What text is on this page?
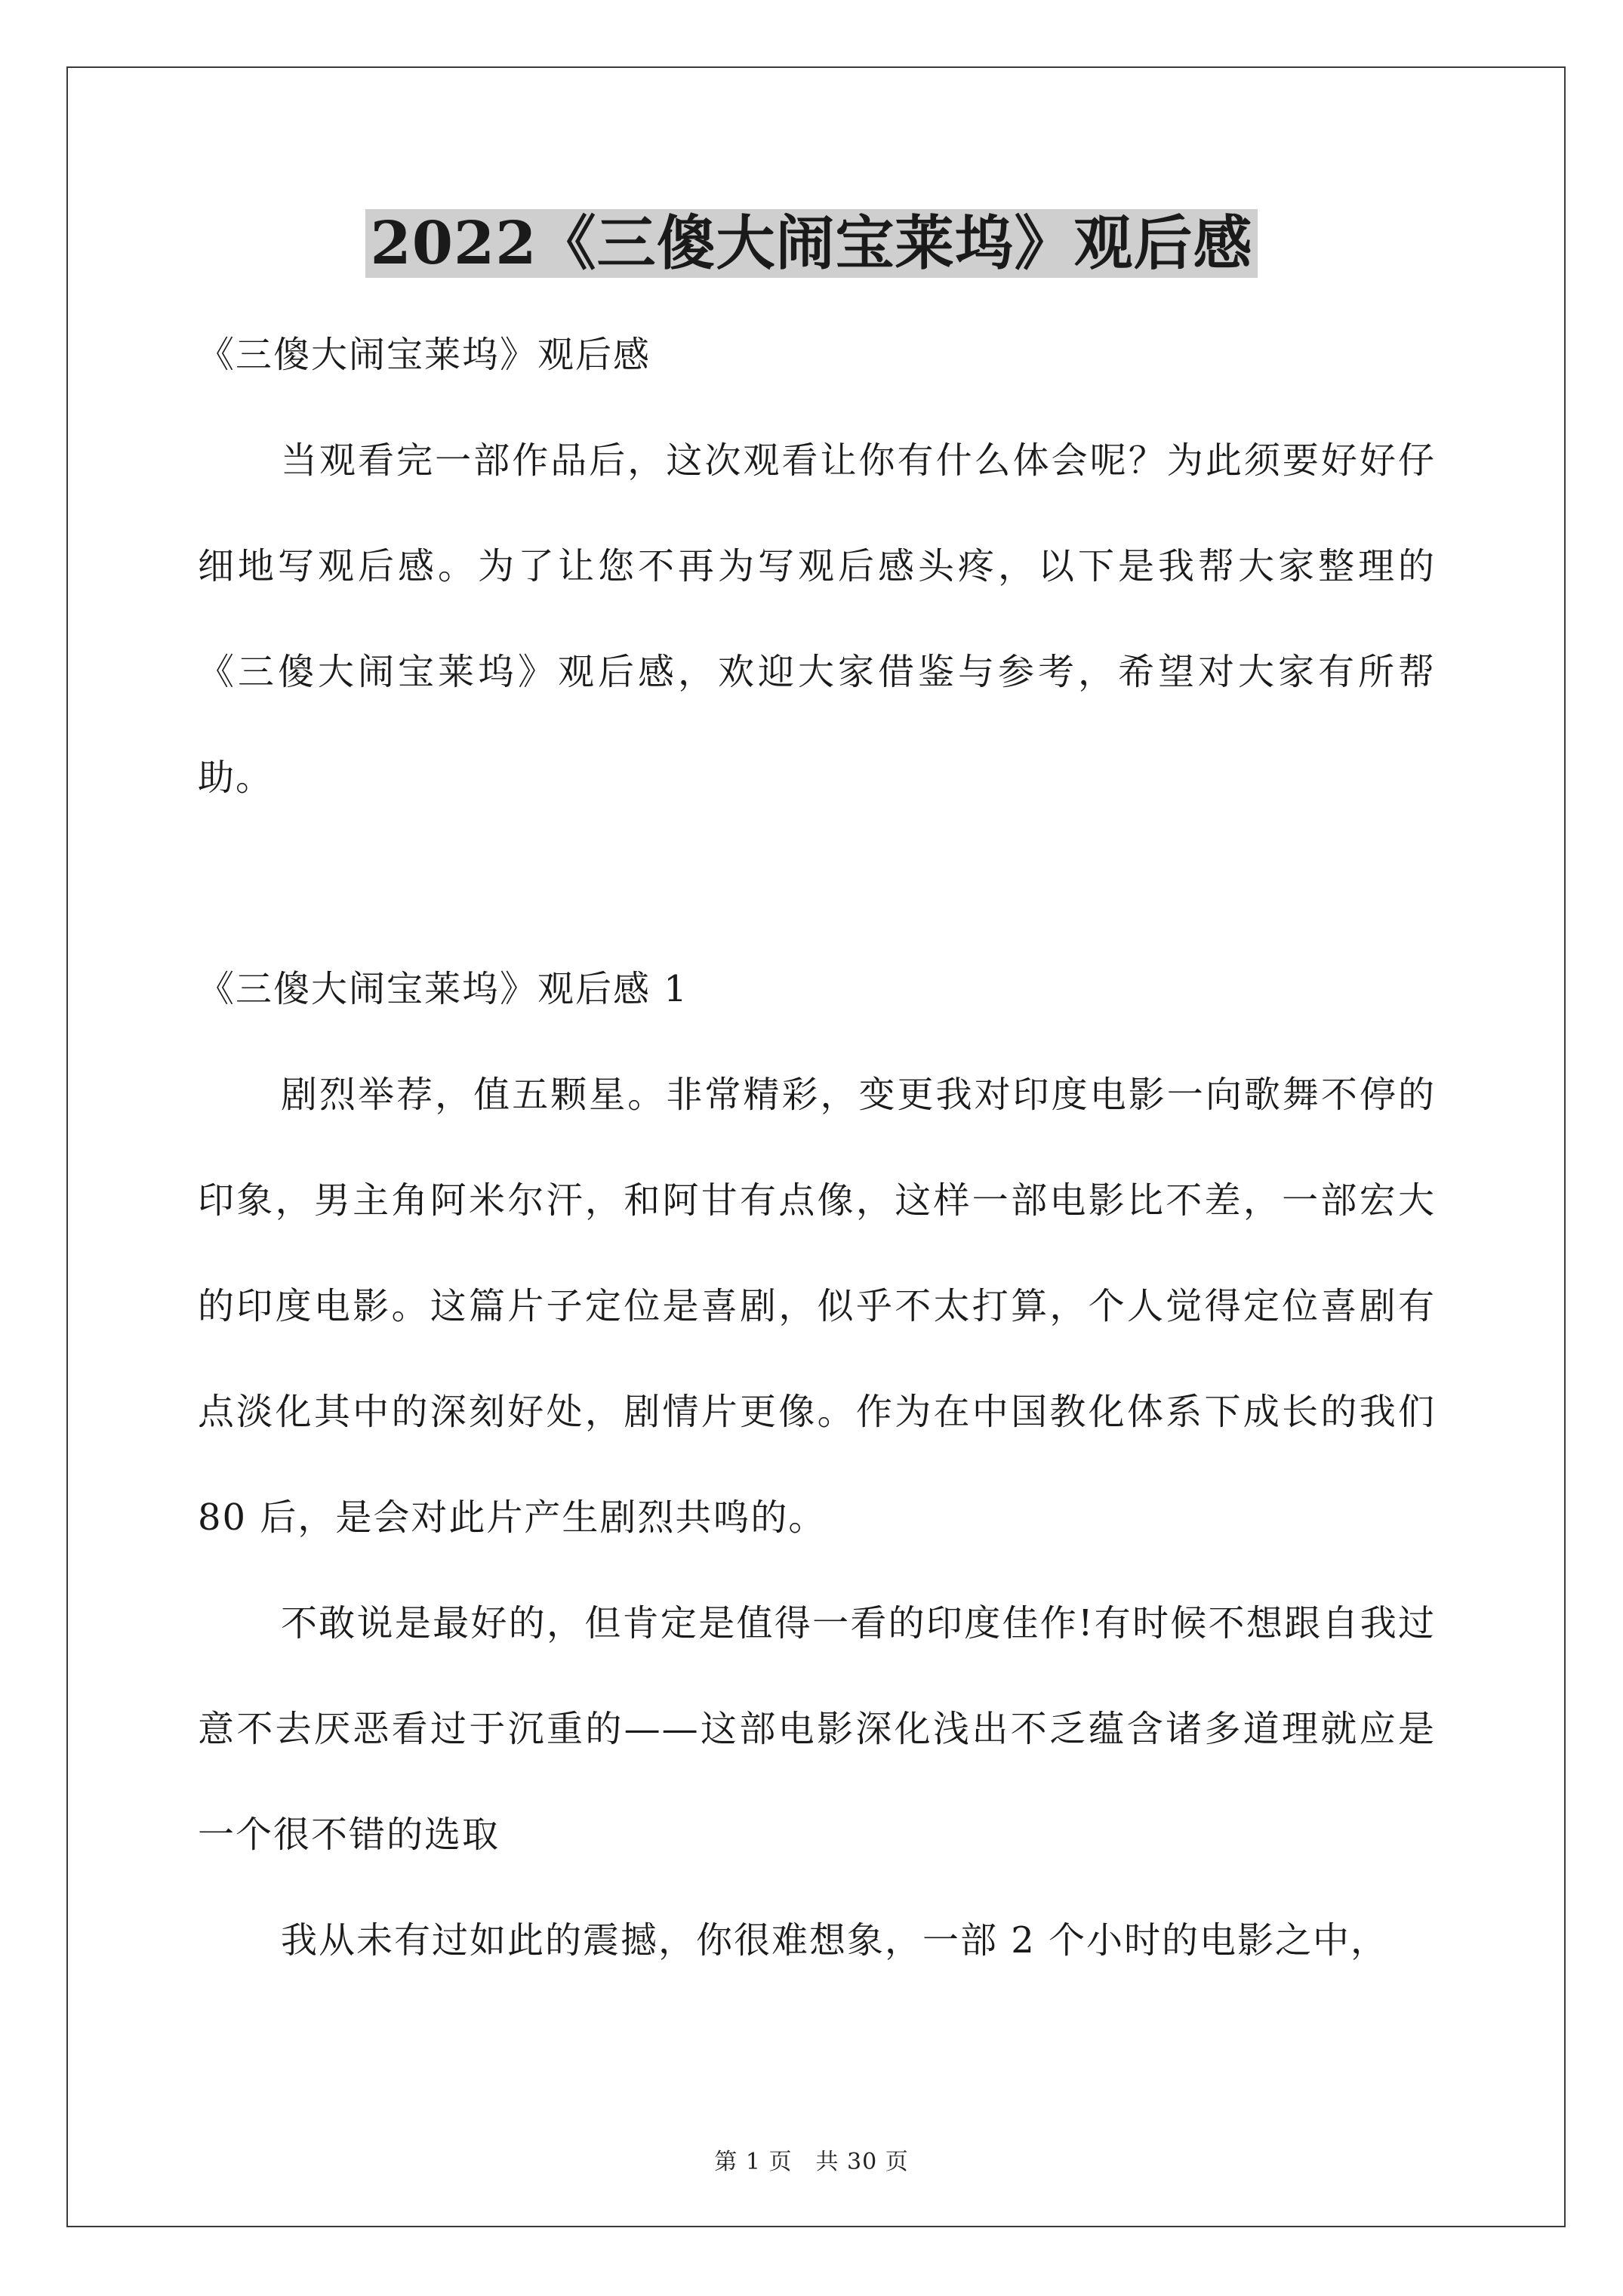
2022《三傻大闹宝莱坞》观后感
《三傻大闹宝莱坞》观后感

当观看完一部作品后，这次观看让你有什么体会呢？为此须要好好仔细地写观后感。为了让您不再为写观后感头疼，以下是我帮大家整理的《三傻大闹宝莱坞》观后感，欢迎大家借鉴与参考，希望对大家有所帮助。

《三傻大闹宝莱坞》观后感 1

剧烈举荐，值五颗星。非常精彩，变更我对印度电影一向歌舞不停的印象，男主角阿米尔汗，和阿甘有点像，这样一部电影比不差，一部宏大的印度电影。这篇片子定位是喜剧，似乎不太打算，个人觉得定位喜剧有点淡化其中的深刻好处，剧情片更像。作为在中国教化体系下成长的我们 80 后，是会对此片产生剧烈共鸣的。

不敢说是最好的，但肯定是值得一看的印度佳作!有时候不想跟自我过意不去厌恶看过于沉重的——这部电影深化浅出不乏蕴含诸多道理就应是一个很不错的选取

我从未有过如此的震撼，你很难想象，一部 2 个小时的电影之中，

第 1 页　共 30 页
